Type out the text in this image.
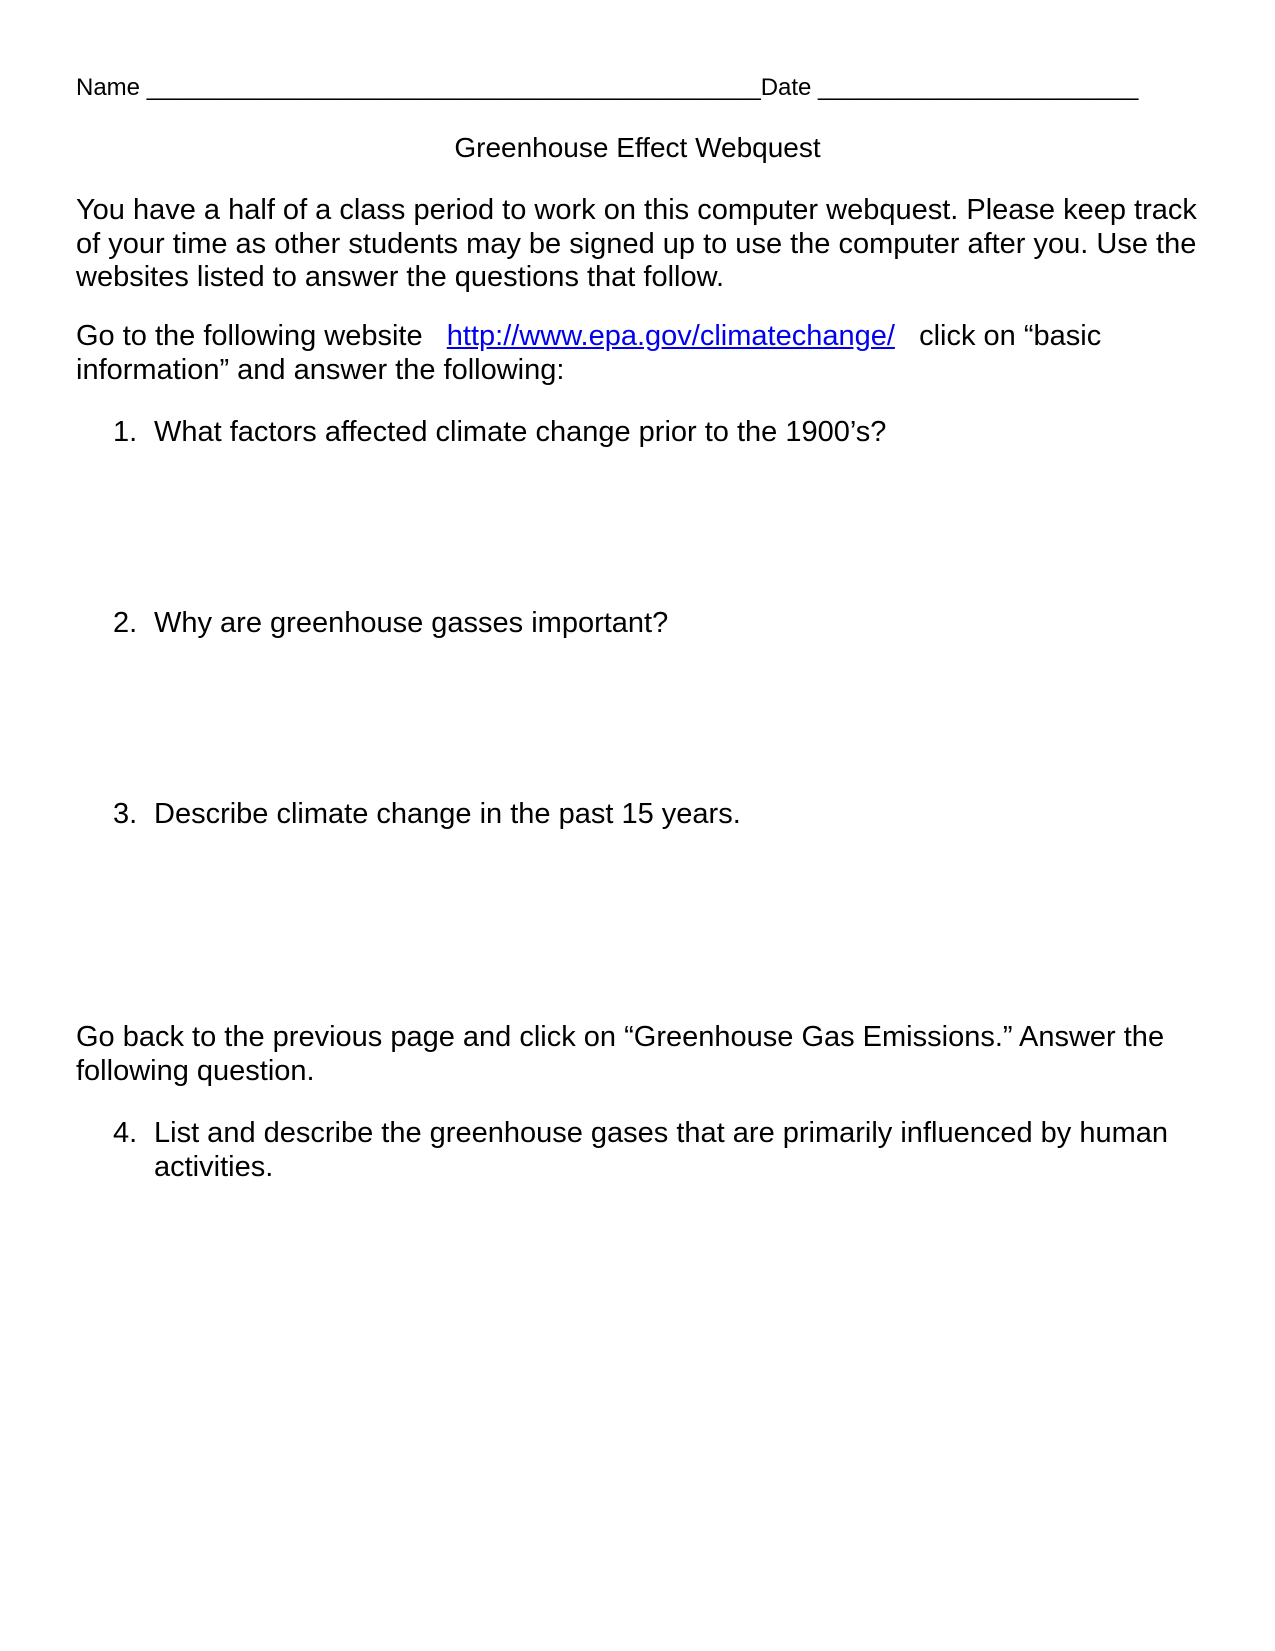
Name ______________________________________________Date ________________________
Greenhouse Effect Webquest
You have a half of a class period to work on this computer webquest. Please keep track of your time as other students may be signed up to use the computer after you. Use the websites listed to answer the questions that follow.
Go to the following website   http://www.epa.gov/climatechange/   click on “basic information” and answer the following:
1. What factors affected climate change prior to the 1900’s?
2. Why are greenhouse gasses important?
3. Describe climate change in the past 15 years.
Go back to the previous page and click on “Greenhouse Gas Emissions.” Answer the following question.
4. List and describe the greenhouse gases that are primarily influenced by human activities.
